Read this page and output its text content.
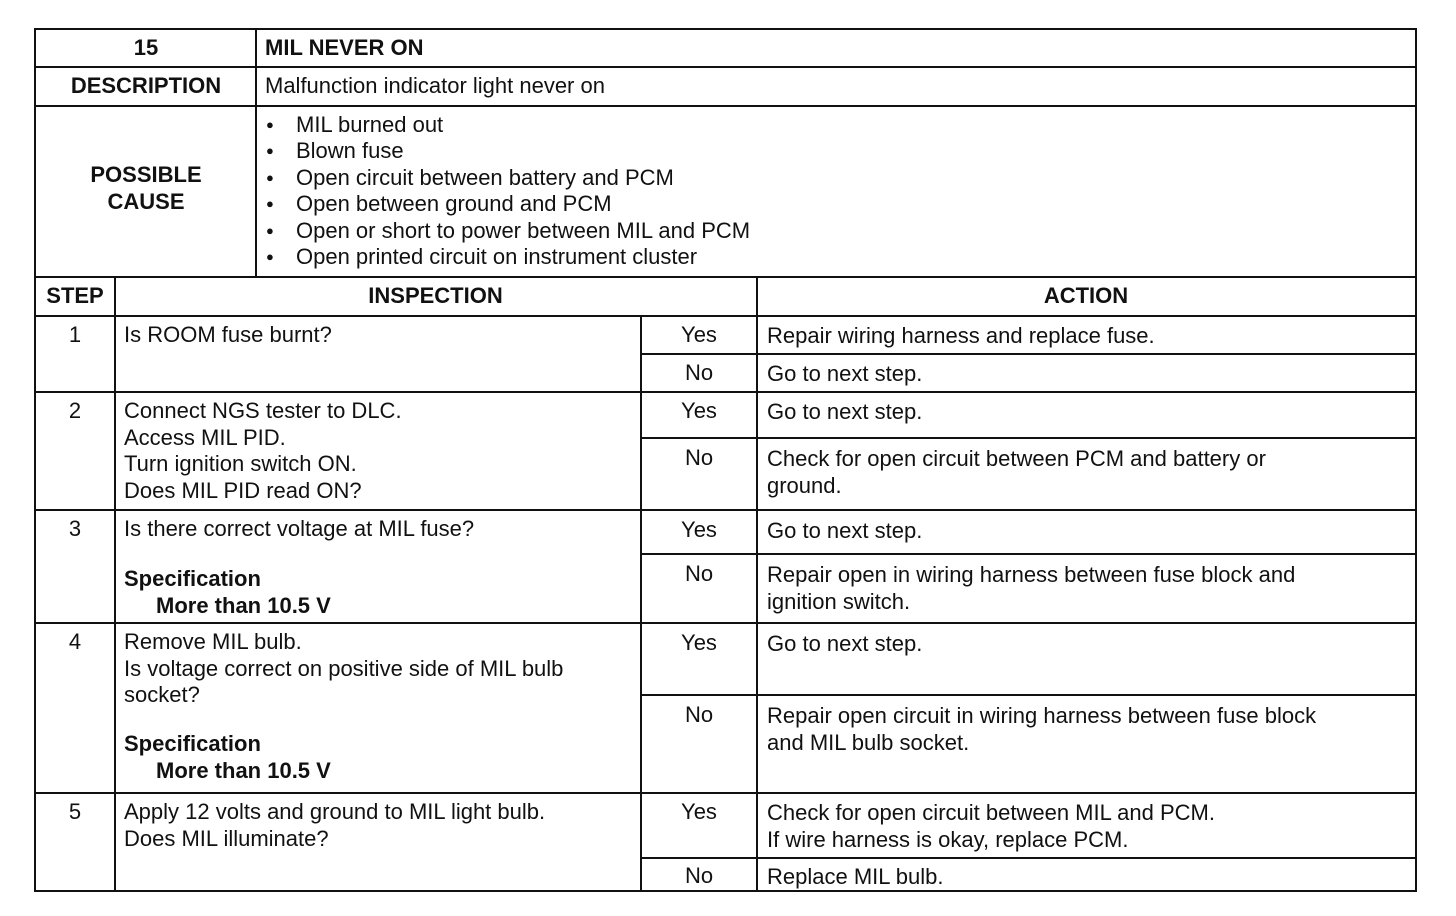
15	MIL NEVER ON
DESCRIPTION	Malfunction indicator light never on
POSSIBLE
CAUSE
● MIL burned out
● Blown fuse
● Open circuit between battery and PCM
● Open between ground and PCM
● Open or short to power between MIL and PCM
● Open printed circuit on instrument cluster
STEP	INSPECTION	ACTION
1	Is ROOM fuse burnt?	Yes	Repair wiring harness and replace fuse.
No	Go to next step.
2	Connect NGS tester to DLC.
Access MIL PID.
Turn ignition switch ON.
Does MIL PID read ON?
Yes	Go to next step.
No	Check for open circuit between PCM and battery or
ground.
3	Is there correct voltage at MIL fuse?
Specification
More than 10.5 V
Yes	Go to next step.
No	Repair open in wiring harness between fuse block and
ignition switch.
4	Remove MIL bulb.
Is voltage correct on positive side of MIL bulb
socket?
Specification
More than 10.5 V
Yes	Go to next step.
No	Repair open circuit in wiring harness between fuse block
and MIL bulb socket.
5	Apply 12 volts and ground to MIL light bulb.
Does MIL illuminate?
Yes	Check for open circuit between MIL and PCM.
If wire harness is okay, replace PCM.
No	Replace MIL bulb.
